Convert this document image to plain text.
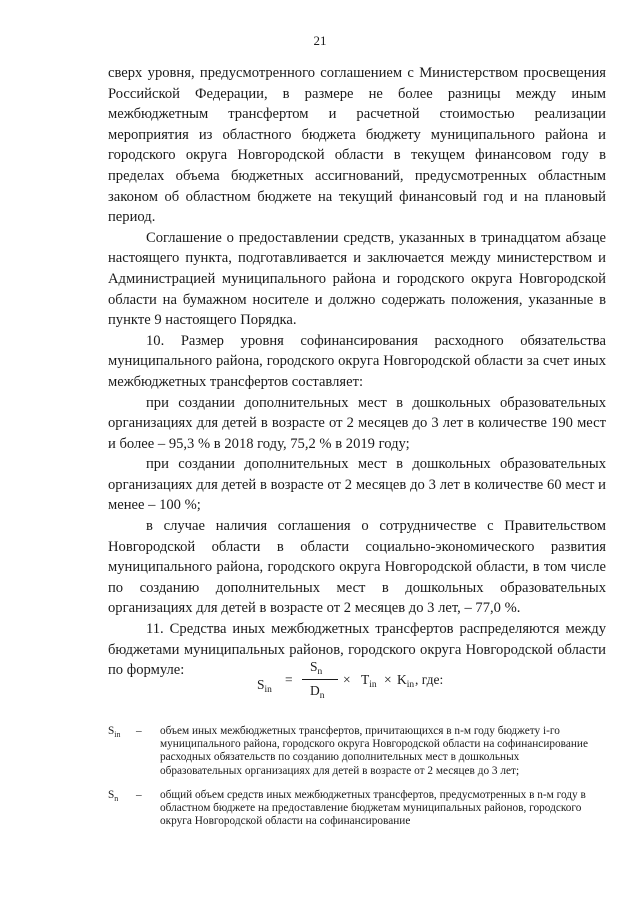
21

сверх уровня, предусмотренного соглашением с Министерством просвещения Российской Федерации, в размере не более разницы между иным межбюджетным трансфертом и расчетной стоимостью реализации мероприятия из областного бюджета бюджету муниципального района и городского округа Новгородской области в текущем финансовом году в пределах объема бюджетных ассигнований, предусмотренных областным законом об областном бюджете на текущий финансовый год и на плановый период.

Соглашение о предоставлении средств, указанных в тринадцатом абзаце настоящего пункта, подготавливается и заключается между министерством и Администрацией муниципального района и городского округа Новгородской области на бумажном носителе и должно содержать положения, указанные в пункте 9 настоящего Порядка.

10. Размер уровня софинансирования расходного обязательства муниципального района, городского округа Новгородской области за счет иных межбюджетных трансфертов составляет:

при создании дополнительных мест в дошкольных образовательных организациях для детей в возрасте от 2 месяцев до 3 лет в количестве 190 мест и более – 95,3 % в 2018 году, 75,2 % в 2019 году;

при создании дополнительных мест в дошкольных образовательных организациях для детей в возрасте от 2 месяцев до 3 лет в количестве 60 мест и менее – 100 %;

в случае наличия соглашения о сотрудничестве с Правительством Новгородской области в области социально-экономического развития муниципального района, городского округа Новгородской области, в том числе по созданию дополнительных мест в дошкольных образовательных организациях для детей в возрасте от 2 месяцев до 3 лет, – 77,0 %.

11. Средства иных межбюджетных трансфертов распределяются между бюджетами муниципальных районов, городского округа Новгородской области по формуле:

$S_{in}$
=
$S_n$
$D_n$
× $T_{in} \times K_{in}$ , где:
$S_{in}$ – объем иных межбюджетных трансфертов, причитающихся в n-м году бюджету i-го муниципального района, городского округа Новгородской области на софинансирование расходных обязательств по созданию дополнительных мест в дошкольных образовательных организациях для детей в возрасте от 2 месяцев до 3 лет;
$S_n$ – общий объем средств иных межбюджетных трансфертов, предусмотренных в n-м году в областном бюджете на предоставление бюджетам муниципальных районов, городского округа Новгородской области на софинансирование
